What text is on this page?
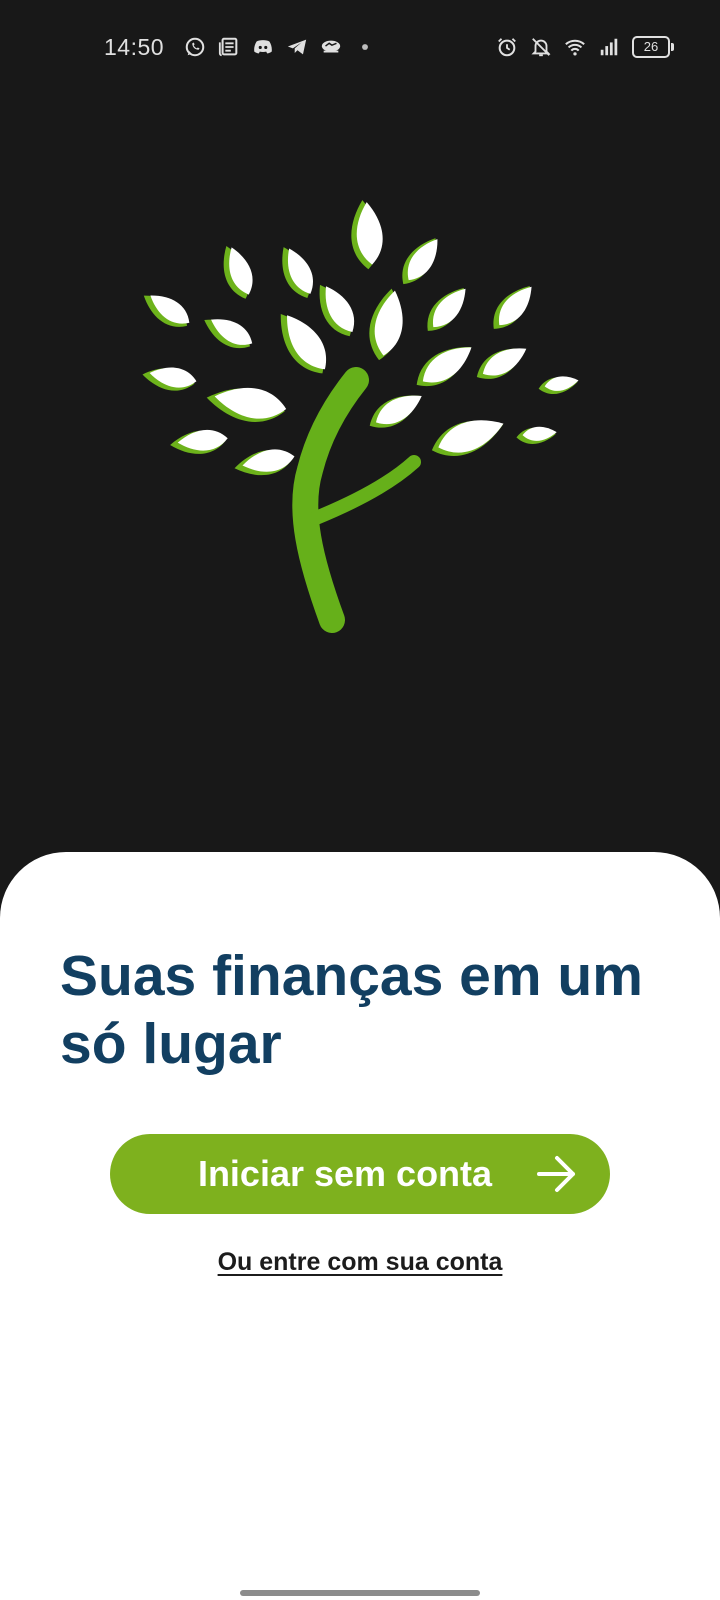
14:50	26
Suas finanças em um só lugar
Iniciar sem conta
Ou entre com sua conta
